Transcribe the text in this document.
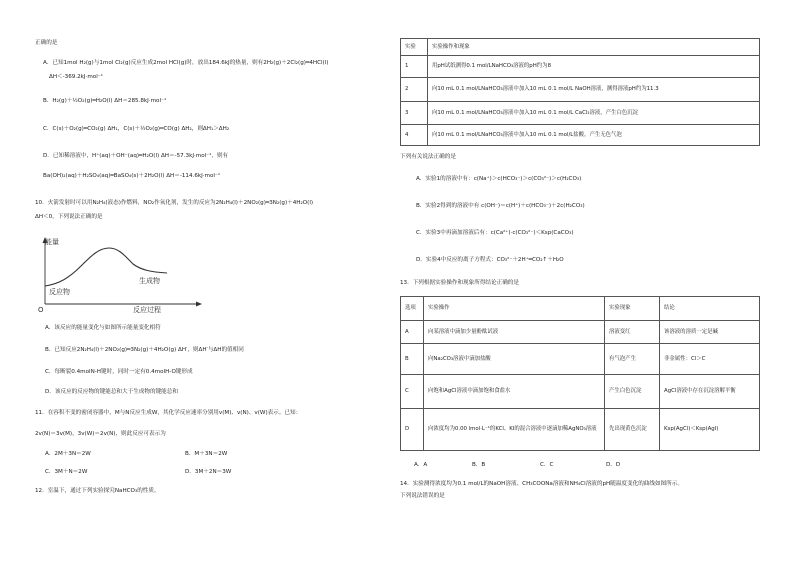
正确的是
A．已知1mol H₂(g)与1mol Cl₂(g)反应生成2mol HCl(g)时，放出184.6kJ的热量，则有2H₂(g)＋2Cl₂(g)═4HCl(l)
ΔH＜-369.2kJ·mol⁻¹
B．H₂(g)＋½O₂(g)═H₂O(l) ΔH＝285.8kJ·mol⁻¹
C．C(s)＋O₂(g)═CO₂(g) ΔH₁，C(s)＋½O₂(g)═CO(g) ΔH₂，则ΔH₁＞ΔH₂
D．已知稀溶液中，H⁺(aq)＋OH⁻(aq)═H₂O(l) ΔH＝-57.3kJ·mol⁻¹，则有
Ba(OH)₂(aq)＋H₂SO₄(aq)═BaSO₄(s)＋2H₂O(l) ΔH＝-114.6kJ·mol⁻¹
10．火箭发射时可以用N₂H₄(液态)作燃料，NO₂作氧化剂，发生的反应为2N₂H₄(l)＋2NO₂(g)═3N₂(g)＋4H₂O(l)
ΔH＜0，下列说法正确的是
能量
反应物
生成物
O	反应过程
A．该反应的能量变化与如图所示能量变化相符
B．已知反应2N₂H₄(l)＋2NO₂(g)═3N₂(g)＋4H₂O(g) ΔH′，则ΔH′与ΔH的值相同
C．每断裂0.4molN-H键时，同时一定有0.4molH-O键形成
D．该反应的反应物的键能总和大于生成物的键能总和
11．在容积不变的密闭容器中，M与N反应生成W，其化学反应速率分别用v(M)、v(N)、v(W)表示。已知：
2v(N)＝3v(M)，3v(W)＝2v(N)，则此反应可表示为
A．2M＋3N＝2W	B．M＋3N＝2W
C．3M＋N＝2W	D．3M＋2N＝3W
12．室温下，通过下列实验探究NaHCO₃的性质。
实验	实验操作和现象
1	用pH试纸测得0.1 mol/LNaHCO₃溶液的pH约为8
2	向10 mL 0.1 mol/LNaHCO₃溶液中加入10 mL 0.1 mol/L NaOH溶液，测得溶液pH约为11.3
3	向10 mL 0.1 mol/LNaHCO₃溶液中加入10 mL 0.1 mol/L CaCl₂溶液，产生白色沉淀
4	向10 mL 0.1 mol/LNaHCO₃溶液中加入10 mL 0.1 mol/L盐酸，产生无色气泡
下列有关说法正确的是
A．实验1的溶液中有：c(Na⁺)＞c(HCO₃⁻)＞c(CO₃²⁻)＞c(H₂CO₃)
B．实验2得到的溶液中有 c(OH⁻)＝c(H⁺)＋c(HCO₃⁻)＋2c(H₂CO₃)
C．实验3中再滴加溶液后有：c(Ca²⁺)·c(CO₃²⁻)＜Ksp(CaCO₃)
D．实验4中反应的离子方程式：CO₃²⁻＋2H⁺═CO₂↑＋H₂O
13．下列根据实验操作和现象所得结论正确的是
选项	实验操作	实验现象	结论
A	向某溶液中滴加少量酚酞试液	溶液变红	该溶液的溶质一定是碱
B	向Na₂CO₃溶液中滴加盐酸	有气泡产生	非金属性：Cl＞C
C	向饱和AgCl溶液中滴加饱和食盐水	产生白色沉淀	AgCl溶液中存在沉淀溶解平衡
D	向浓度均为0.00 lmol·L⁻¹的KCl、KI的混合溶液中逐滴加稀AgNO₃溶液	先出现黄色沉淀	Ksp(AgCl)＜Ksp(AgI)
A．A	B．B	C．C	D．D
14．实验测得浓度均为0.1 mol/L的NaOH溶液、CH₃COONa溶液和NH₄Cl溶液的pH随温度变化的曲线如图所示。
下列说法错误的是
